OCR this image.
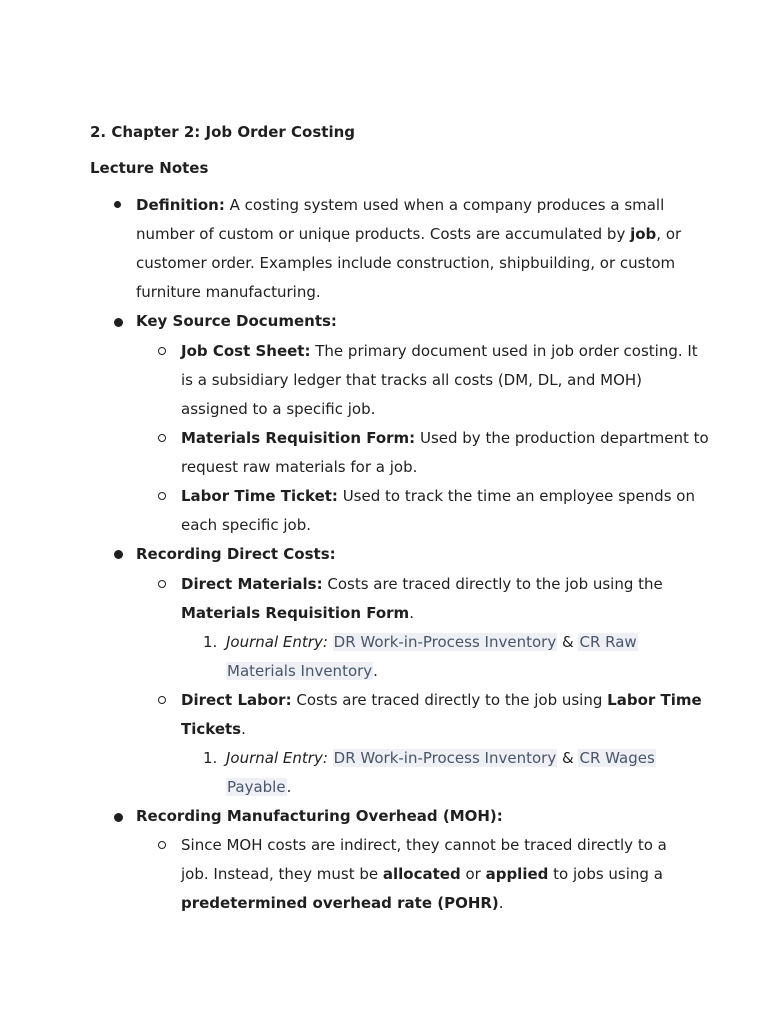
2. Chapter 2: Job Order Costing
Lecture Notes
Definition: A costing system used when a company produces a small
number of custom or unique products. Costs are accumulated by job, or
customer order. Examples include construction, shipbuilding, or custom
furniture manufacturing.
Key Source Documents:
Job Cost Sheet: The primary document used in job order costing. It
is a subsidiary ledger that tracks all costs (DM, DL, and MOH)
assigned to a specific job.
Materials Requisition Form: Used by the production department to
request raw materials for a job.
Labor Time Ticket: Used to track the time an employee spends on
each specific job.
Recording Direct Costs:
Direct Materials: Costs are traced directly to the job using the
Materials Requisition Form.
1. Journal Entry: DR Work-in-Process Inventory & CR Raw
Materials Inventory.
Direct Labor: Costs are traced directly to the job using Labor Time
Tickets.
1. Journal Entry: DR Work-in-Process Inventory & CR Wages
Payable.
Recording Manufacturing Overhead (MOH):
Since MOH costs are indirect, they cannot be traced directly to a
job. Instead, they must be allocated or applied to jobs using a
predetermined overhead rate (POHR).
